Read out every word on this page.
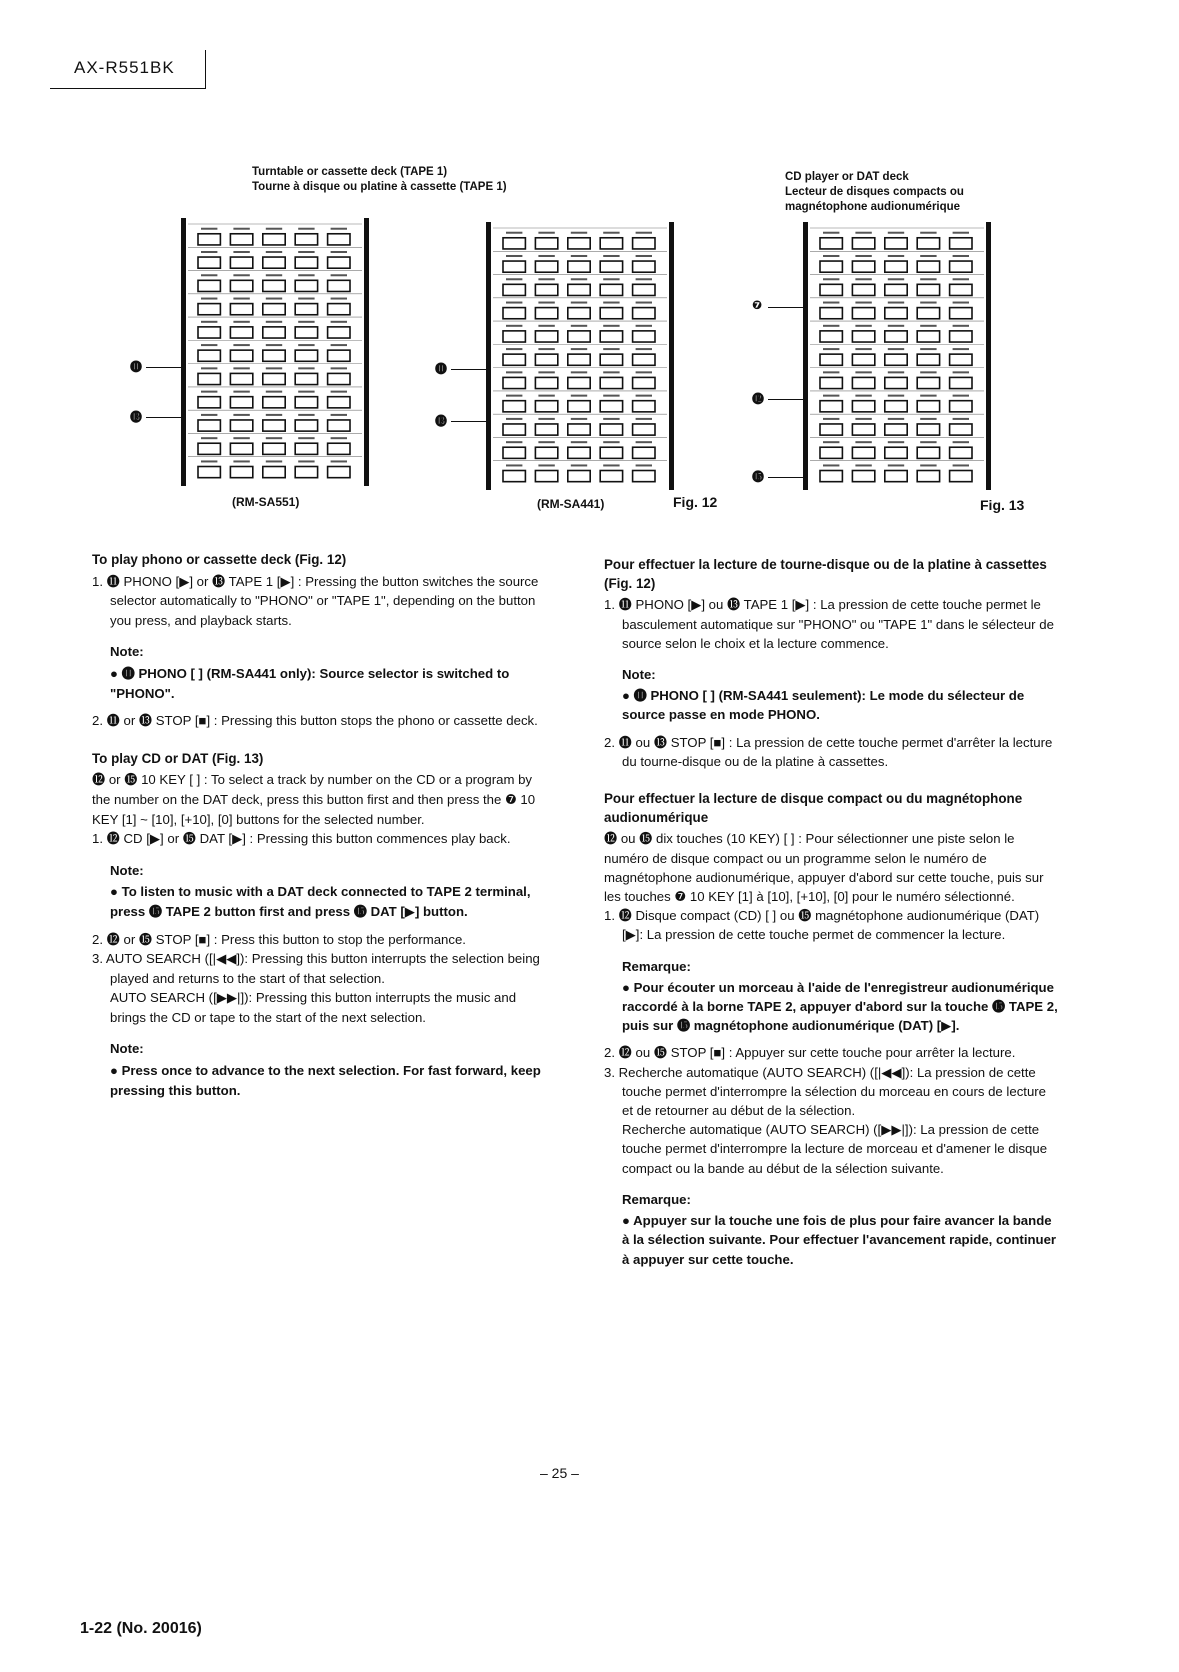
AX-R551BK
Turntable or cassette deck (TAPE 1)
Tourne à disque ou platine à cassette (TAPE 1)
CD player or DAT deck
Lecteur de disques compacts ou
magnétophone audionumérique
⓫
⓭
⓫
⓭
❼
⓬
⓯
(RM-SA551)	(RM-SA441)	Fig. 12	Fig. 13
To play phono or cassette deck (Fig. 12)

1. ⓫ PHONO [▶] or ⓭ TAPE 1 [▶] : Pressing the button switches the source selector automatically to "PHONO" or "TAPE 1", depending on the button you press, and playback starts.

Note:

● ⓫ PHONO [ ] (RM-SA441 only): Source selector is switched to "PHONO".

2. ⓫ or ⓭ STOP [■] : Pressing this button stops the phono or cassette deck.

To play CD or DAT (Fig. 13)

⓬ or ⓯ 10 KEY [ ] : To select a track by number on the CD or a program by the number on the DAT deck, press this button first and then press the ❼ 10 KEY [1] ~ [10], [+10], [0] buttons for the selected number.

1. ⓬ CD [▶] or ⓯ DAT [▶] : Pressing this button commences play back.

Note:

● To listen to music with a DAT deck connected to TAPE 2 terminal, press ⓯ TAPE 2 button first and press ⓯ DAT [▶] button.

2. ⓬ or ⓯ STOP [■] : Press this button to stop the performance.

3. AUTO SEARCH ([|◀◀]): Pressing this button interrupts the selection being played and returns to the start of that selection.

AUTO SEARCH ([▶▶|]): Pressing this button interrupts the music and brings the CD or tape to the start of the next selection.

Note:

● Press once to advance to the next selection. For fast forward, keep pressing this button.

Pour effectuer la lecture de tourne-disque ou de la platine à cassettes (Fig. 12)

1. ⓫ PHONO [▶] ou ⓭ TAPE 1 [▶] : La pression de cette touche permet le basculement automatique sur "PHONO" ou "TAPE 1" dans le sélecteur de source selon le choix et la lecture commence.

Note:

● ⓫ PHONO [ ] (RM-SA441 seulement): Le mode du sélecteur de source passe en mode PHONO.

2. ⓫ ou ⓭ STOP [■] : La pression de cette touche permet d'arrêter la lecture du tourne-disque ou de la platine à cassettes.

Pour effectuer la lecture de disque compact ou du magnétophone audionumérique

⓬ ou ⓯ dix touches (10 KEY) [ ] : Pour sélectionner une piste selon le numéro de disque compact ou un programme selon le numéro de magnétophone audionumérique, appuyer d'abord sur cette touche, puis sur les touches ❼ 10 KEY [1] à [10], [+10], [0] pour le numéro sélectionné.

1. ⓬ Disque compact (CD) [ ] ou ⓯ magnétophone audionumérique (DAT) [▶]: La pression de cette touche permet de commencer la lecture.

Remarque:

● Pour écouter un morceau à l'aide de l'enregistreur audionumérique raccordé à la borne TAPE 2, appuyer d'abord sur la touche ⓯ TAPE 2, puis sur ⓯ magnétophone audionumérique (DAT) [▶].

2. ⓬ ou ⓯ STOP [■] : Appuyer sur cette touche pour arrêter la lecture.

3. Recherche automatique (AUTO SEARCH) ([|◀◀]): La pression de cette touche permet d'interrompre la sélection du morceau en cours de lecture et de retourner au début de la sélection.

Recherche automatique (AUTO SEARCH) ([▶▶|]): La pression de cette touche permet d'interrompre la lecture de morceau et d'amener le disque compact ou la bande au début de la sélection suivante.

Remarque:

● Appuyer sur la touche une fois de plus pour faire avancer la bande à la sélection suivante. Pour effectuer l'avancement rapide, continuer à appuyer sur cette touche.

– 25 –
1-22 (No. 20016)
